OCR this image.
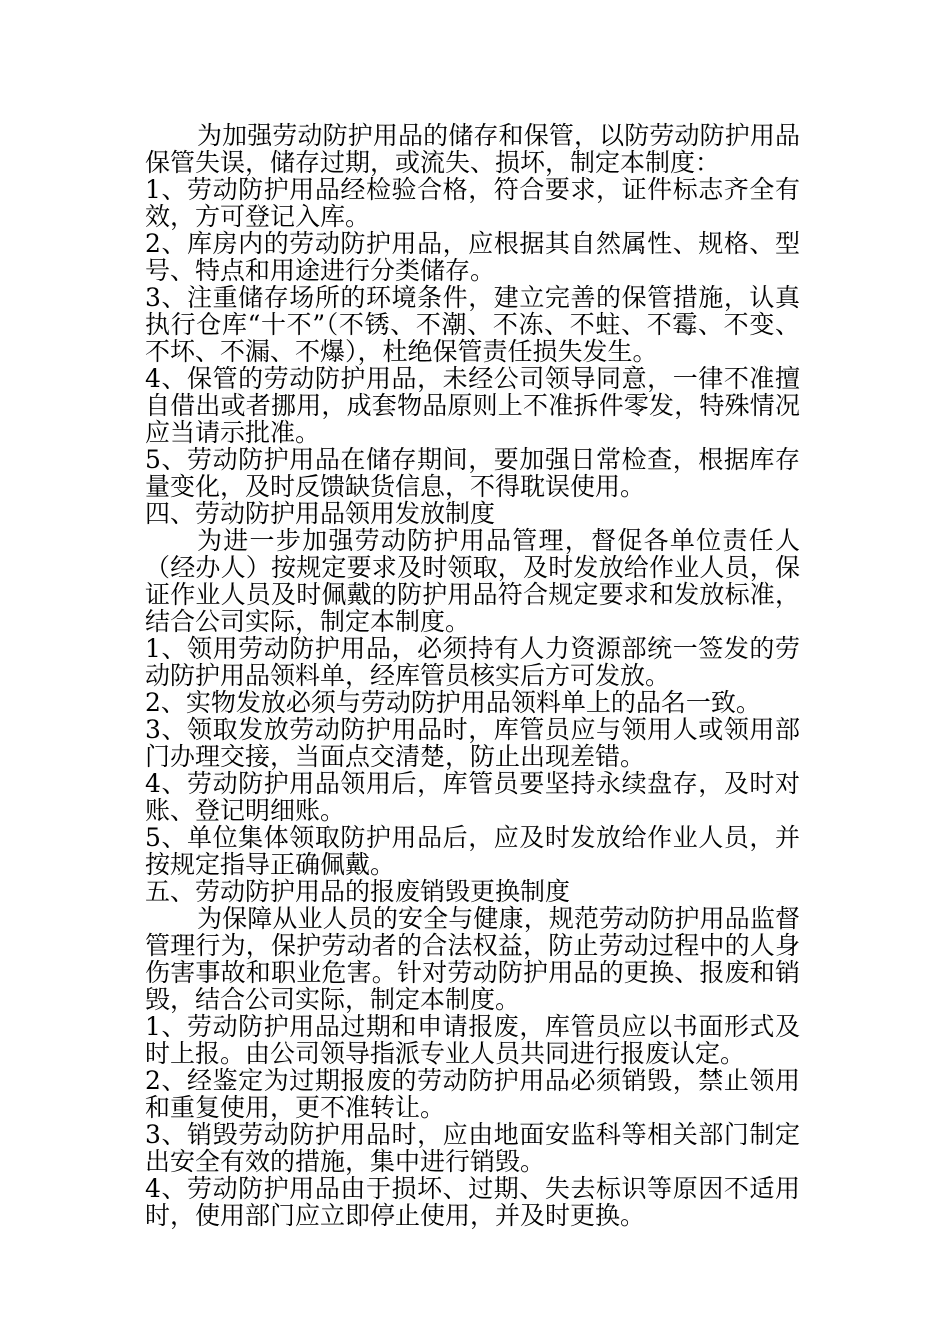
为加强劳动防护用品的储存和保管，以防劳动防护用品保管失误，储存过期，或流失、损坏，制定本制度：

1、劳动防护用品经检验合格，符合要求，证件标志齐全有效，方可登记入库。

2、库房内的劳动防护用品，应根据其自然属性、规格、型号、特点和用途进行分类储存。

3、注重储存场所的环境条件，建立完善的保管措施，认真执行仓库“十不”（不锈、不潮、不冻、不蛀、不霉、不变、不坏、不漏、不爆），杜绝保管责任损失发生。

4、保管的劳动防护用品，未经公司领导同意，一律不准擅自借出或者挪用，成套物品原则上不准拆件零发，特殊情况应当请示批准。

5、劳动防护用品在储存期间，要加强日常检查，根据库存量变化，及时反馈缺货信息，不得耽误使用。

四、劳动防护用品领用发放制度

为进一步加强劳动防护用品管理，督促各单位责任人（经办人）按规定要求及时领取，及时发放给作业人员，保证作业人员及时佩戴的防护用品符合规定要求和发放标准，结合公司实际，制定本制度。

1、领用劳动防护用品，必须持有人力资源部统一签发的劳动防护用品领料单，经库管员核实后方可发放。

2、实物发放必须与劳动防护用品领料单上的品名一致。

3、领取发放劳动防护用品时，库管员应与领用人或领用部门办理交接，当面点交清楚，防止出现差错。

4、劳动防护用品领用后，库管员要坚持永续盘存，及时对账、登记明细账。

5、单位集体领取防护用品后，应及时发放给作业人员，并按规定指导正确佩戴。

五、劳动防护用品的报废销毁更换制度

为保障从业人员的安全与健康，规范劳动防护用品监督管理行为，保护劳动者的合法权益，防止劳动过程中的人身伤害事故和职业危害。针对劳动防护用品的更换、报废和销毁，结合公司实际，制定本制度。

1、劳动防护用品过期和申请报废，库管员应以书面形式及时上报。由公司领导指派专业人员共同进行报废认定。

2、经鉴定为过期报废的劳动防护用品必须销毁，禁止领用和重复使用，更不准转让。

3、销毁劳动防护用品时，应由地面安监科等相关部门制定出安全有效的措施，集中进行销毁。

4、劳动防护用品由于损坏、过期、失去标识等原因不适用时，使用部门应立即停止使用，并及时更换。
